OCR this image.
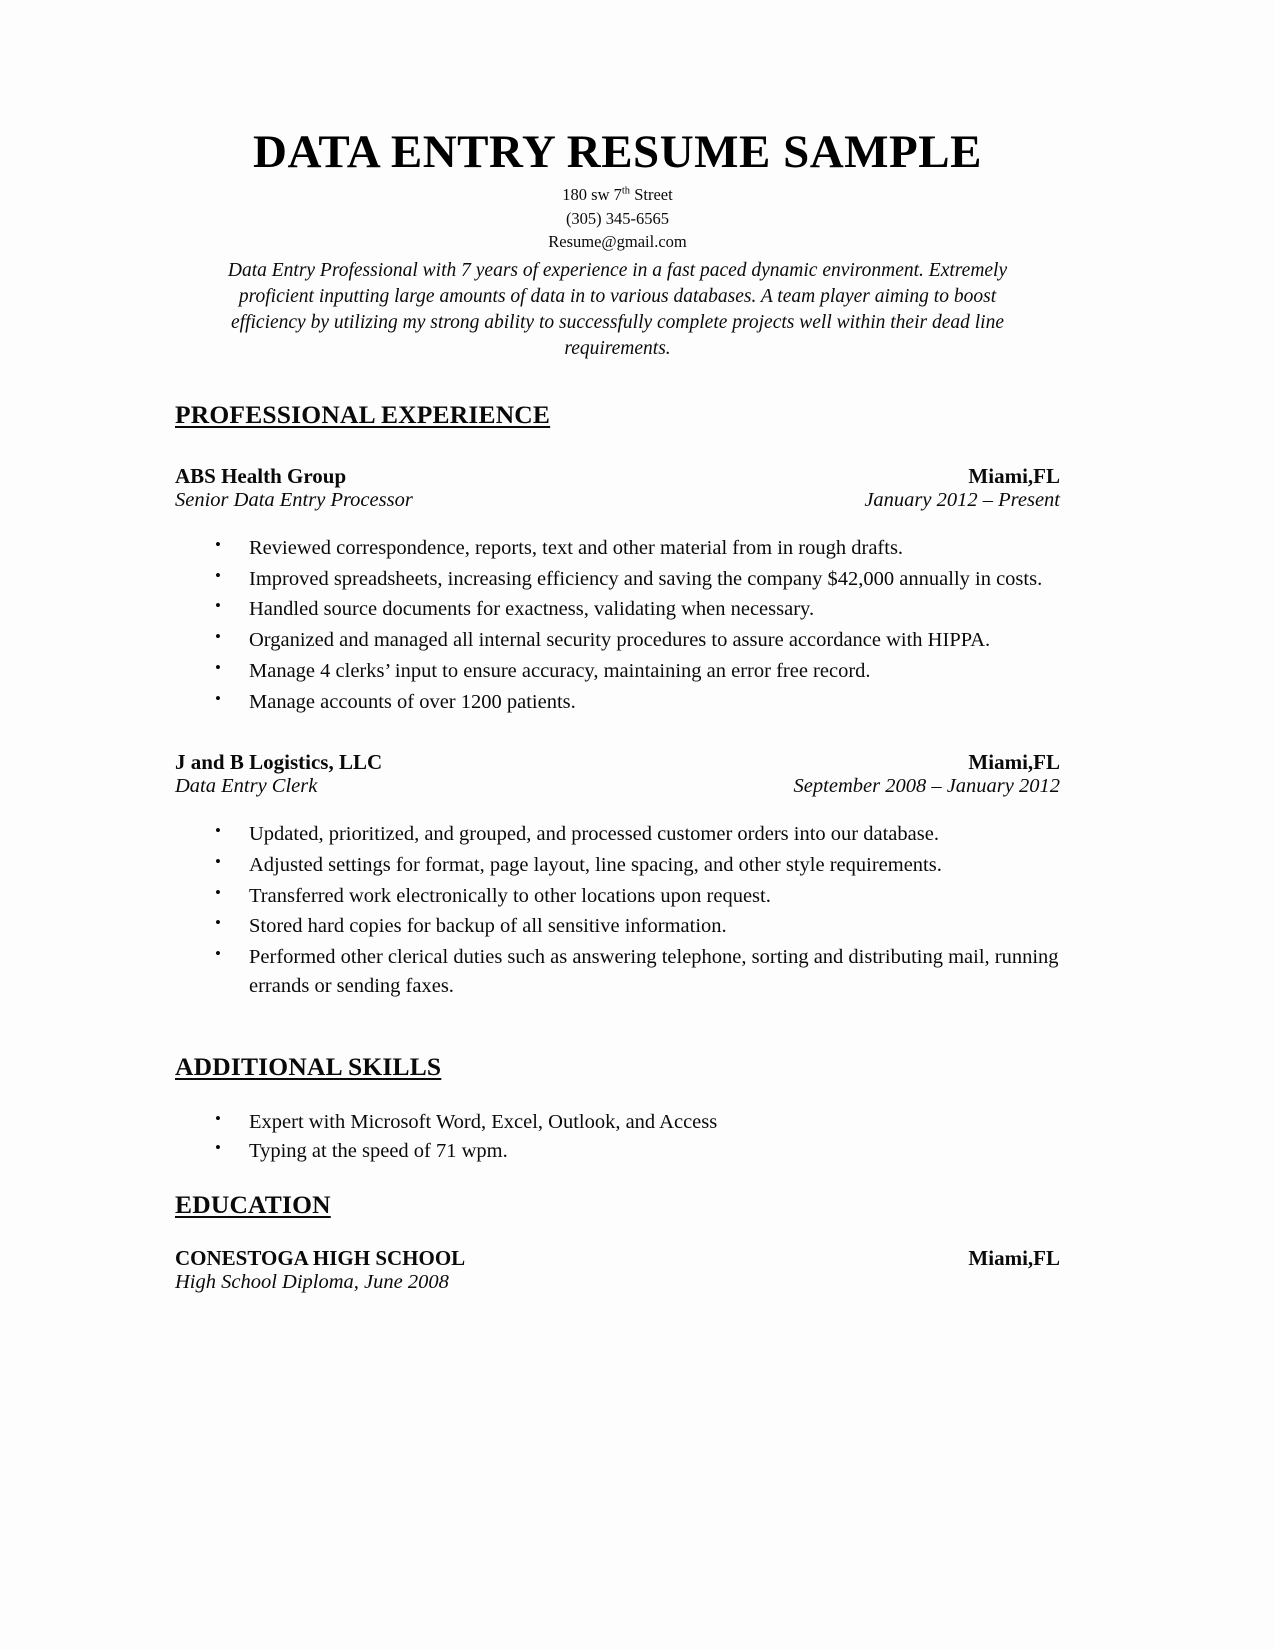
DATA ENTRY RESUME SAMPLE
180 sw 7th Street
(305) 345-6565
Resume@gmail.com

Data Entry Professional with 7 years of experience in a fast paced dynamic environment. Extremely proficient inputting large amounts of data in to various databases. A team player aiming to boost efficiency by utilizing my strong ability to successfully complete projects well within their dead line requirements.

PROFESSIONAL EXPERIENCE
ABS Health Group	Miami,FL
Senior Data Entry Processor	January 2012 – Present
• Reviewed correspondence, reports, text and other material from in rough drafts.
• Improved spreadsheets, increasing efficiency and saving the company $42,000 annually in costs.
• Handled source documents for exactness, validating when necessary.
• Organized and managed all internal security procedures to assure accordance with HIPPA.
• Manage 4 clerks’ input to ensure accuracy, maintaining an error free record.
• Manage accounts of over 1200 patients.
J and B Logistics, LLC	Miami,FL
Data Entry Clerk	September 2008 – January 2012
• Updated, prioritized, and grouped, and processed customer orders into our database.
• Adjusted settings for format, page layout, line spacing, and other style requirements.
• Transferred work electronically to other locations upon request.
• Stored hard copies for backup of all sensitive information.
• Performed other clerical duties such as answering telephone, sorting and distributing mail, running errands or sending faxes.
ADDITIONAL SKILLS
• Expert with Microsoft Word, Excel, Outlook, and Access
• Typing at the speed of 71 wpm.
EDUCATION
CONESTOGA HIGH SCHOOL	Miami,FL
High School Diploma, June 2008
